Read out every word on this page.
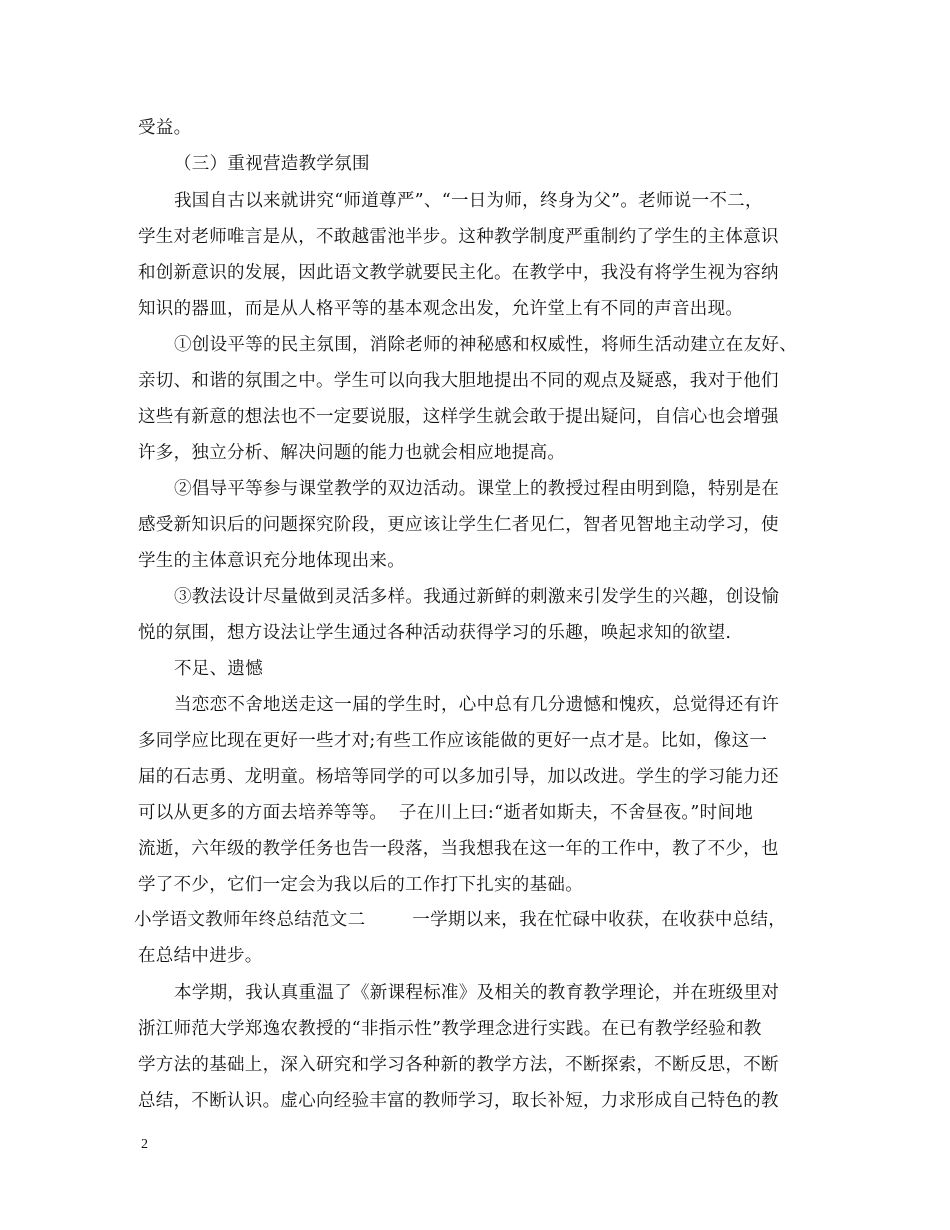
受益。
（三）重视营造教学氛围
我国自古以来就讲究“师道尊严”、“一日为师，终身为父”。老师说一不二，
学生对老师唯言是从，不敢越雷池半步。这种教学制度严重制约了学生的主体意识
和创新意识的发展，因此语文教学就要民主化。在教学中，我没有将学生视为容纳
知识的器皿，而是从人格平等的基本观念出发，允许堂上有不同的声音出现。
①创设平等的民主氛围，消除老师的神秘感和权威性，将师生活动建立在友好、
亲切、和谐的氛围之中。学生可以向我大胆地提出不同的观点及疑惑，我对于他们
这些有新意的想法也不一定要说服，这样学生就会敢于提出疑问，自信心也会增强
许多，独立分析、解决问题的能力也就会相应地提高。
②倡导平等参与课堂教学的双边活动。课堂上的教授过程由明到隐，特别是在
感受新知识后的问题探究阶段，更应该让学生仁者见仁，智者见智地主动学习，使
学生的主体意识充分地体现出来。
③教法设计尽量做到灵活多样。我通过新鲜的刺激来引发学生的兴趣，创设愉
悦的氛围，想方设法让学生通过各种活动获得学习的乐趣，唤起求知的欲望.
不足、遗憾
当恋恋不舍地送走这一届的学生时，心中总有几分遗憾和愧疚，总觉得还有许
多同学应比现在更好一些才对;有些工作应该能做的更好一点才是。比如，像这一
届的石志勇、龙明童。杨培等同学的可以多加引导，加以改进。学生的学习能力还
可以从更多的方面去培养等等。  子在川上曰:“逝者如斯夫，不舍昼夜。”时间地
流逝，六年级的教学任务也告一段落，当我想我在这一年的工作中，教了不少，也
学了不少，它们一定会为我以后的工作打下扎实的基础。
小学语文教师年终总结范文二        一学期以来，我在忙碌中收获，在收获中总结，
在总结中进步。
本学期，我认真重温了《新课程标准》及相关的教育教学理论，并在班级里对
浙江师范大学郑逸农教授的“非指示性”教学理念进行实践。在已有教学经验和教
学方法的基础上，深入研究和学习各种新的教学方法，不断探索，不断反思，不断
总结，不断认识。虚心向经验丰富的教师学习，取长补短，力求形成自己特色的教
2
